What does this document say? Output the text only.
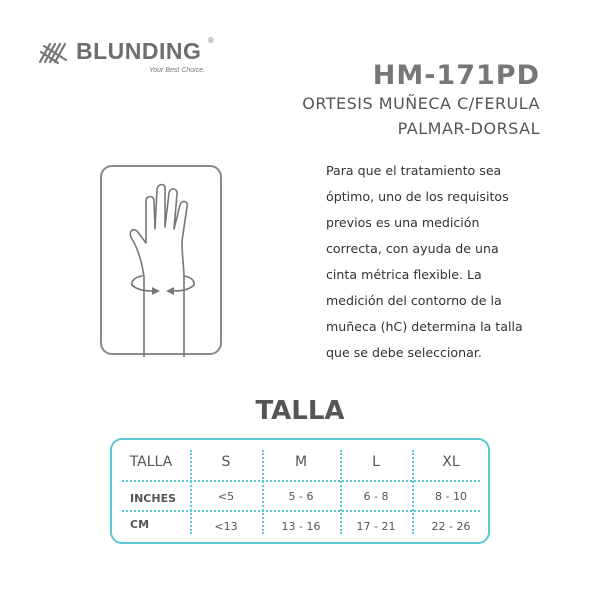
BLUNDING ®
Your Best Choice.	HM-171PD
ORTESIS MUÑECA C/FERULA
PALMAR-DORSAL
Para que el tratamiento sea
óptimo, uno de los requisitos
previos es una medición
correcta, con ayuda de una
cinta métrica flexible. La
medición del contorno de la
muñeca (hC) determina la talla
que se debe seleccionar.
TALLA
TALLA	S	M	L	XL
INCHES	<5	5 - 6	6 - 8	8 - 10
CM	<13	13 - 16	17 - 21	22 - 26
